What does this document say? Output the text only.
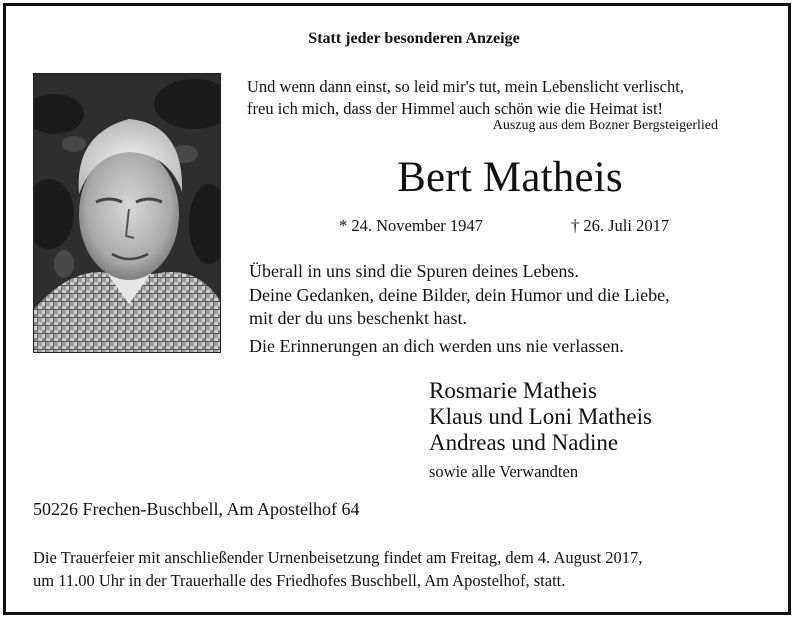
Statt jeder besonderen Anzeige
Und wenn dann einst, so leid mir's tut, mein Lebenslicht verlischt,
freu ich mich, dass der Himmel auch schön wie die Heimat ist!
Auszug aus dem Bozner Bergsteigerlied
Bert Matheis
* 24. November 1947	† 26. Juli 2017
Überall in uns sind die Spuren deines Lebens.
Deine Gedanken, deine Bilder, dein Humor und die Liebe,
mit der du uns beschenkt hast.
Die Erinnerungen an dich werden uns nie verlassen.
Rosmarie Matheis
Klaus und Loni Matheis
Andreas und Nadine
sowie alle Verwandten
50226 Frechen-Buschbell, Am Apostelhof 64
Die Trauerfeier mit anschließender Urnenbeisetzung findet am Freitag, dem 4. August 2017,
um 11.00 Uhr in der Trauerhalle des Friedhofes Buschbell, Am Apostelhof, statt.
